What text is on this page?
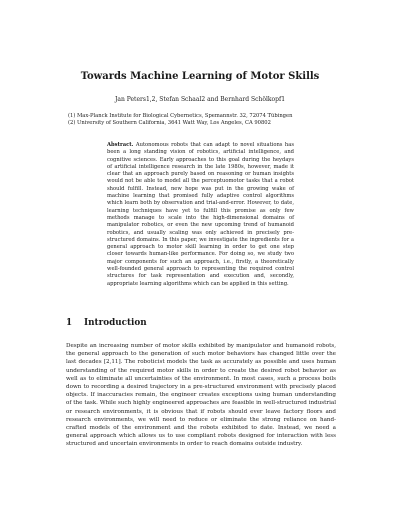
Towards Machine Learning of Motor Skills

Jan Peters1,2, Stefan Schaal2 and Bernhard Schölkopf1

(1) Max-Planck Institute for Biological Cybernetics, Spemannstr. 32, 72074 Tübingen
(2) University of Southern California, 3641 Watt Way, Los Angeles, CA 90802
Abstract. Autonomous robots that can adapt to novel situations has been a long standing vision of robotics, artificial intelligence, and cognitive sciences. Early approaches to this goal during the heydays of artificial intelligence research in the late 1980s, however, made it clear that an approach purely based on reasoning or human insights would not be able to model all the perceptuomotor tasks that a robot should fulfill. Instead, new hope was put in the growing wake of machine learning that promised fully adaptive control algorithms which learn both by observation and trial-and-error. However, to date, learning techniques have yet to fulfill this promise as only few methods manage to scale into the high-dimensional domains of manipulator robotics, or even the new upcoming trend of humanoid robotics, and usually scaling was only achieved in precisely pre-structured domains. In this paper, we investigate the ingredients for a general approach to motor skill learning in order to get one step closer towards human-like performance. For doing so, we study two major components for such an approach, i.e., firstly, a theoretically well-founded general approach to representing the required control structures for task representation and execution and, secondly, appropriate learning algorithms which can be applied in this setting.
1 Introduction
Despite an increasing number of motor skills exhibited by manipulator and humanoid robots, the general approach to the generation of such motor behaviors has changed little over the last decades [2,11]. The roboticist models the task as accurately as possible and uses human understanding of the required motor skills in order to create the desired robot behavior as well as to eliminate all uncertainties of the environment. In most cases, such a process boils down to recording a desired trajectory in a pre-structured environment with precisely placed objects. If inaccuracies remain, the engineer creates exceptions using human understanding of the task. While such highly engineered approaches are feasible in well-structured industrial or research environments, it is obvious that if robots should ever leave factory floors and research environments, we will need to reduce or eliminate the strong reliance on hand-crafted models of the environment and the robots exhibited to date. Instead, we need a general approach which allows us to use compliant robots designed for interaction with less structured and uncertain environments in order to reach domains outside industry.
